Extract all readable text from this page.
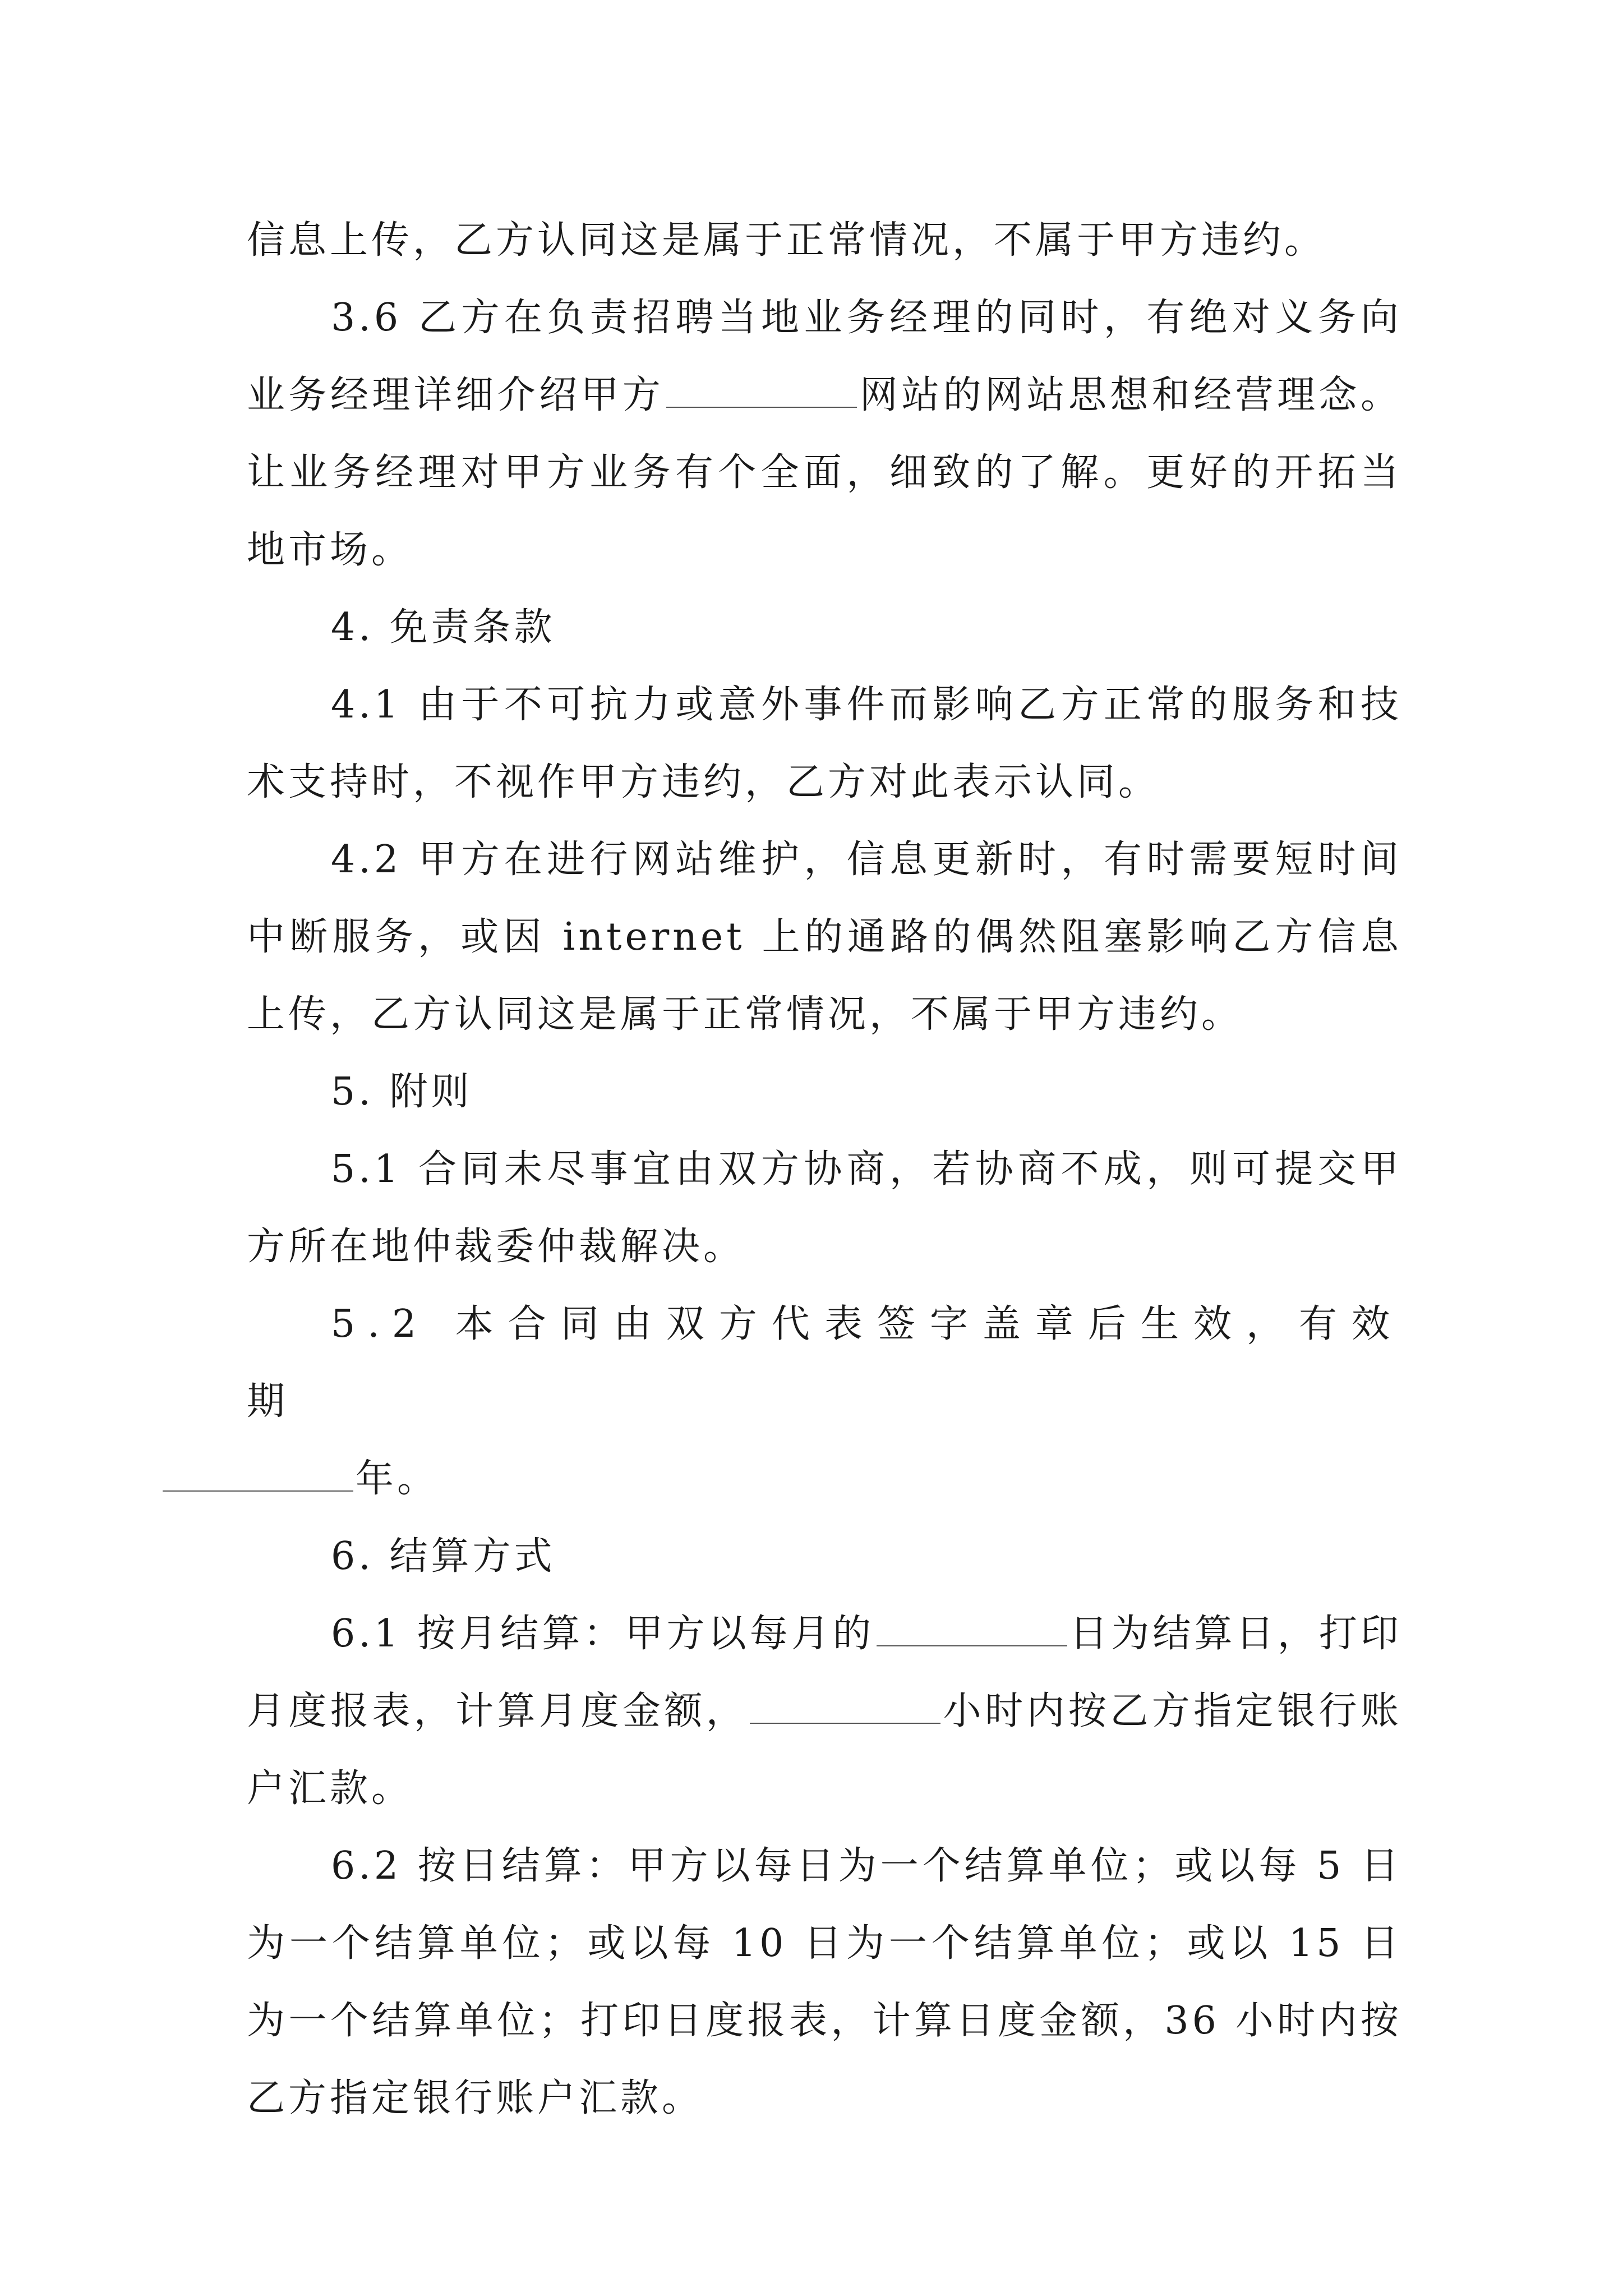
信息上传，乙方认同这是属于正常情况，不属于甲方违约。

3.6 乙方在负责招聘当地业务经理的同时，有绝对义务向业务经理详细介绍甲方	网站的网站思想和经营理念。让业务经理对甲方业务有个全面，细致的了解。更好的开拓当地市场。

4. 免责条款

4.1 由于不可抗力或意外事件而影响乙方正常的服务和技术支持时，不视作甲方违约，乙方对此表示认同。

4.2 甲方在进行网站维护，信息更新时，有时需要短时间中断服务，或因 internet 上的通路的偶然阻塞影响乙方信息上传，乙方认同这是属于正常情况，不属于甲方违约。

5. 附则

5.1 合同未尽事宜由双方协商，若协商不成，则可提交甲方所在地仲裁委仲裁解决。

5.2 本合同由双方代表签字盖章后生效，有效期
年。

6. 结算方式

6.1 按月结算：甲方以每月的	日为结算日，打印月度报表，计算月度金额，	小时内按乙方指定银行账户汇款。

6.2 按日结算：甲方以每日为一个结算单位；或以每 5 日为一个结算单位；或以每 10 日为一个结算单位；或以 15 日为一个结算单位；打印日度报表，计算日度金额，36 小时内按乙方指定银行账户汇款。
